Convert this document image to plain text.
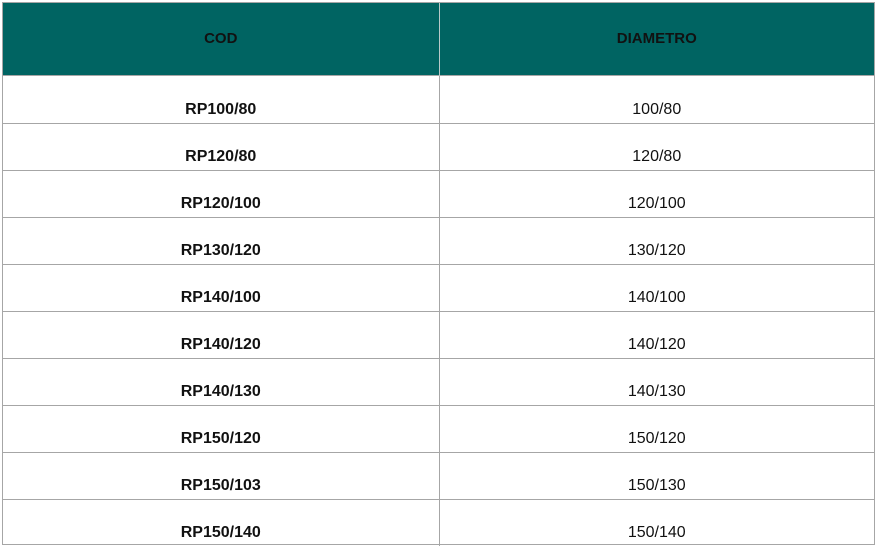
COD	DIAMETRO
RP100/80	100/80
RP120/80	120/80
RP120/100	120/100
RP130/120	130/120
RP140/100	140/100
RP140/120	140/120
RP140/130	140/130
RP150/120	150/120
RP150/103	150/130
RP150/140	150/140
